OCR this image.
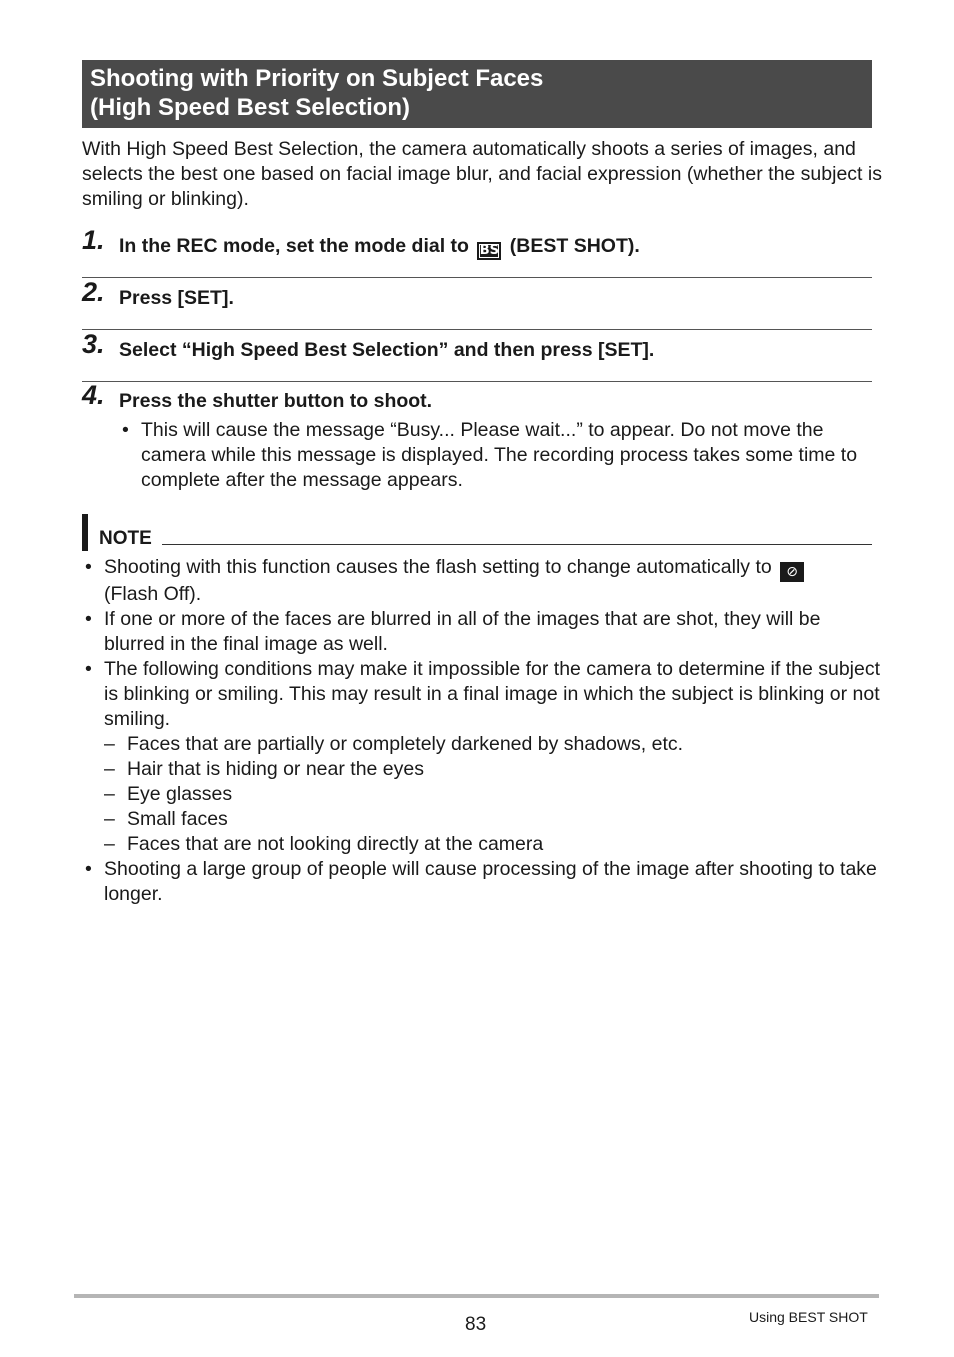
Shooting with Priority on Subject Faces
(High Speed Best Selection)

With High Speed Best Selection, the camera automatically shoots a series of images, and selects the best one based on facial image blur, and facial expression (whether the subject is smiling or blinking).

1. In the REC mode, set the mode dial to BS (BEST SHOT).
2. Press [SET].
3. Select “High Speed Best Selection” and then press [SET].
4. Press the shutter button to shoot.
• This will cause the message “Busy... Please wait...” to appear. Do not move the camera while this message is displayed. The recording process takes some time to complete after the message appears.
NOTE
• Shooting with this function causes the flash setting to change automatically to ⊘
(Flash Off).
• If one or more of the faces are blurred in all of the images that are shot, they will be blurred in the final image as well.
• The following conditions may make it impossible for the camera to determine if the subject is blinking or smiling. This may result in a final image in which the subject is blinking or not smiling.
– Faces that are partially or completely darkened by shadows, etc.
– Hair that is hiding or near the eyes
– Eye glasses
– Small faces
– Faces that are not looking directly at the camera
• Shooting a large group of people will cause processing of the image after shooting to take longer.
83	Using BEST SHOT
